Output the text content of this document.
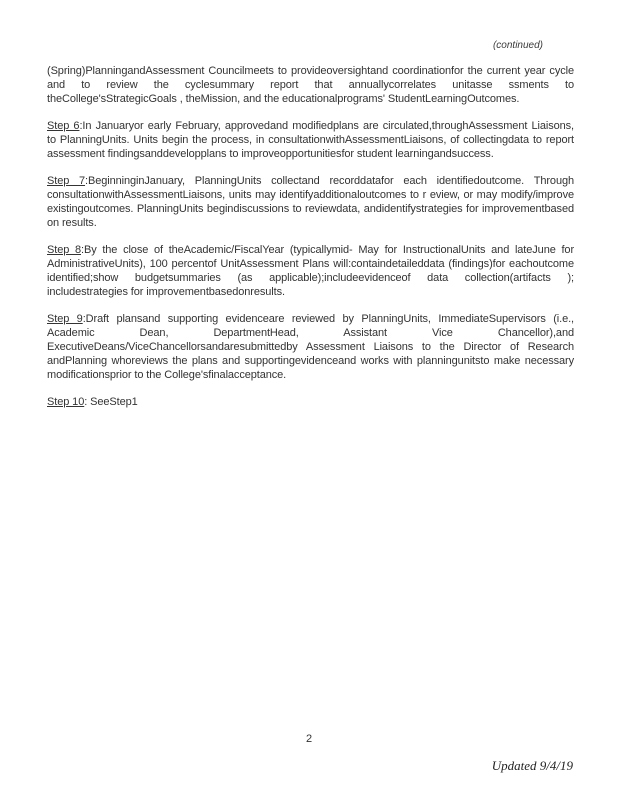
(continued)

(Spring)PlanningandAssessment Councilmeets to provideoversightand coordinationfor the current year cycle and to review the cyclesummary report that annuallycorrelates unitasse ssments to theCollege'sStrategicGoals , theMission, and the educationalprograms' StudentLearningOutcomes.

Step 6:In Januaryor early February, approvedand modifiedplans are circulated,throughAssessment Liaisons, to PlanningUnits. Units begin the process, in consultationwithAssessmentLiaisons, of collectingdata to report assessment findingsanddevelopplans to improveopportunitiesfor student learningandsuccess.

Step 7:BeginninginJanuary, PlanningUnits collectand recorddatafor each identifiedoutcome. Through consultationwithAssessmentLiaisons, units may identifyadditionaloutcomes to r eview, or may modify/improve existingoutcomes. PlanningUnits begindiscussions to reviewdata, andidentifystrategies for improvementbased on results.

Step 8:By the close of theAcademic/FiscalYear (typicallymid- May for InstructionalUnits and lateJune for AdministrativeUnits), 100 percentof UnitAssessment Plans will:containdetaileddata (findings)for eachoutcome identified;show budgetsummaries (as applicable);includeevidenceof data collection(artifacts ); includestrategies for improvementbasedonresults.

Step 9:Draft plansand supporting evidenceare reviewed by PlanningUnits, ImmediateSupervisors (i.e., Academic Dean, DepartmentHead, Assistant Vice Chancellor),and ExecutiveDeans/ViceChancellorsandaresubmittedby Assessment Liaisons to the Director of Research andPlanning whoreviews the plans and supportingevidenceand works with planningunitsto make necessary modificationsprior to the College'sfinalacceptance.

Step 10: SeeStep1

2
Updated 9/4/19
